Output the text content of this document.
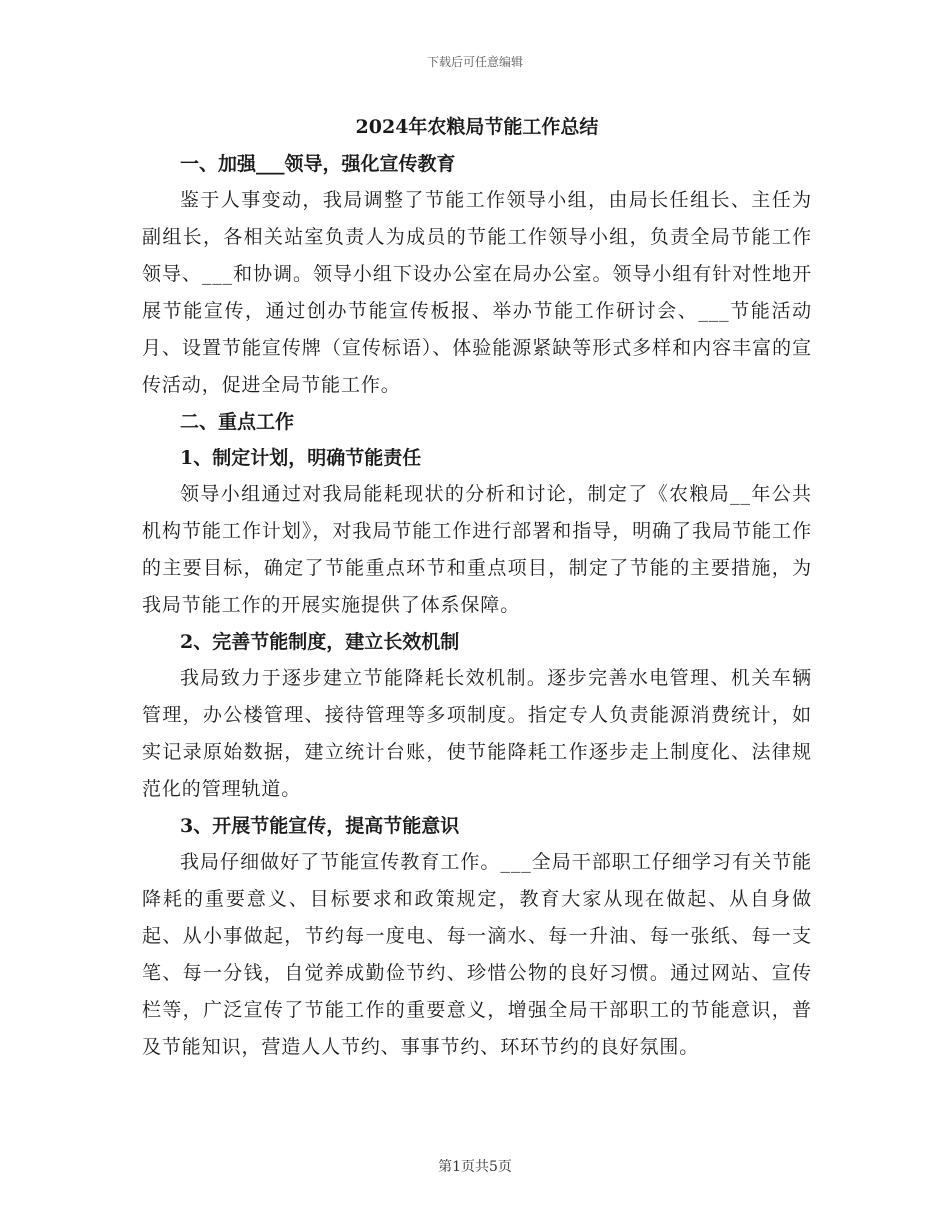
下载后可任意编辑
2024年农粮局节能工作总结

一、加强___领导，强化宣传教育

鉴于人事变动，我局调整了节能工作领导小组，由局长任组长、主任为副组长，各相关站室负责人为成员的节能工作领导小组，负责全局节能工作领导、___和协调。领导小组下设办公室在局办公室。领导小组有针对性地开展节能宣传，通过创办节能宣传板报、举办节能工作研讨会、___节能活动月、设置节能宣传牌（宣传标语）、体验能源紧缺等形式多样和内容丰富的宣传活动，促进全局节能工作。

二、重点工作

1、制定计划，明确节能责任

领导小组通过对我局能耗现状的分析和讨论，制定了《农粮局__年公共机构节能工作计划》，对我局节能工作进行部署和指导，明确了我局节能工作的主要目标，确定了节能重点环节和重点项目，制定了节能的主要措施，为我局节能工作的开展实施提供了体系保障。

2、完善节能制度，建立长效机制

我局致力于逐步建立节能降耗长效机制。逐步完善水电管理、机关车辆管理，办公楼管理、接待管理等多项制度。指定专人负责能源消费统计，如实记录原始数据，建立统计台账，使节能降耗工作逐步走上制度化、法律规范化的管理轨道。

3、开展节能宣传，提高节能意识

我局仔细做好了节能宣传教育工作。___全局干部职工仔细学习有关节能降耗的重要意义、目标要求和政策规定，教育大家从现在做起、从自身做起、从小事做起，节约每一度电、每一滴水、每一升油、每一张纸、每一支笔、每一分钱，自觉养成勤俭节约、珍惜公物的良好习惯。通过网站、宣传栏等，广泛宣传了节能工作的重要意义，增强全局干部职工的节能意识，普及节能知识，营造人人节约、事事节约、环环节约的良好氛围。

第1页共5页
